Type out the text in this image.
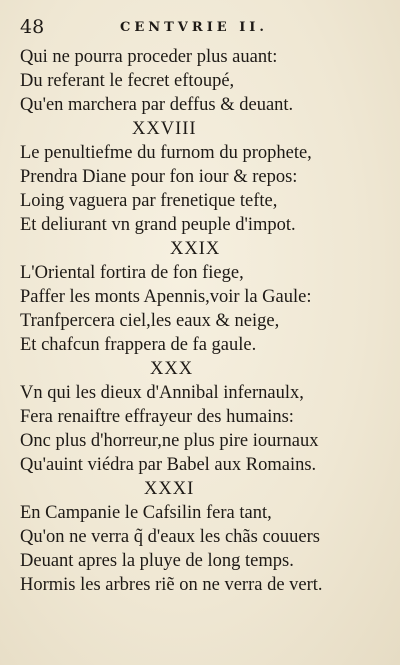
48	CENTVRIE II.
Qui ne pourra proceder plus auant:
Du referant le fecret eftoupé,
Qu'en marchera par deffus & deuant.
XXVIII
Le penultiefme du furnom du prophete,
Prendra Diane pour fon iour & repos:
Loing vaguera par frenetique tefte,
Et deliurant vn grand peuple d'impot.
XXIX
L'Oriental fortira de fon fiege,
Paffer les monts Apennis,voir la Gaule:
Tranfpercera ciel,les eaux & neige,
Et chafcun frappera de fa gaule.
XXX
Vn qui les dieux d'Annibal infernaulx,
Fera renaiftre effrayeur des humains:
Onc plus d'horreur,ne plus pire iournaux
Qu'auint viédra par Babel aux Romains.
XXXI
En Campanie le Cafsilin fera tant,
Qu'on ne verra q̃ d'eaux les chãs couuers
Deuant apres la pluye de long temps.
Hormis les arbres riẽ on ne verra de vert.
